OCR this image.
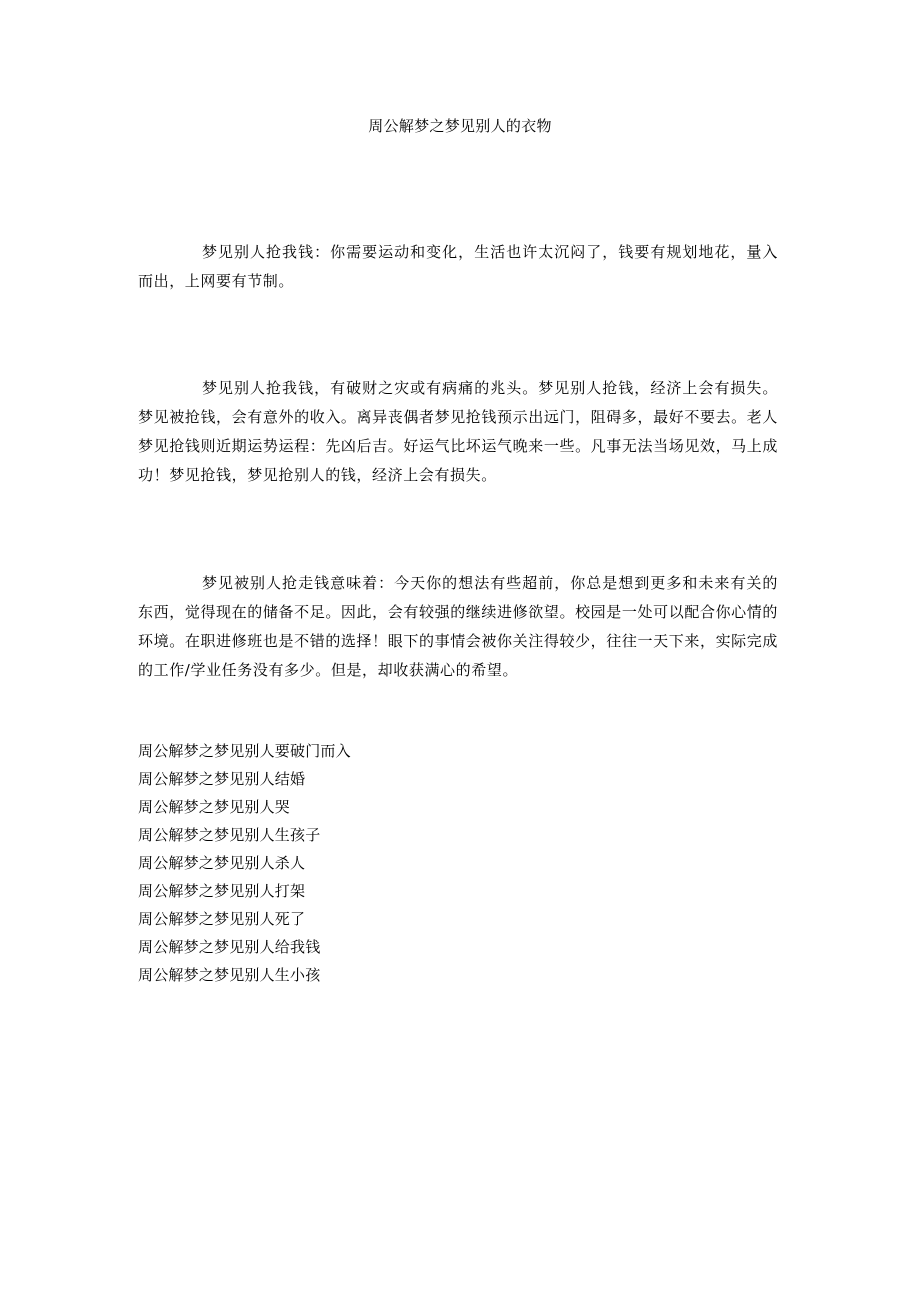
周公解梦之梦见别人的衣物

梦见别人抢我钱：你需要运动和变化，生活也许太沉闷了，钱要有规划地花，量入而出，上网要有节制。

梦见别人抢我钱，有破财之灾或有病痛的兆头。梦见别人抢钱，经济上会有损失。梦见被抢钱，会有意外的收入。离异丧偶者梦见抢钱预示出远门，阻碍多，最好不要去。老人梦见抢钱则近期运势运程：先凶后吉。好运气比坏运气晚来一些。凡事无法当场见效，马上成功！梦见抢钱，梦见抢别人的钱，经济上会有损失。

梦见被别人抢走钱意味着：今天你的想法有些超前，你总是想到更多和未来有关的东西，觉得现在的储备不足。因此，会有较强的继续进修欲望。校园是一处可以配合你心情的环境。在职进修班也是不错的选择！眼下的事情会被你关注得较少，往往一天下来，实际完成的工作/学业任务没有多少。但是，却收获满心的希望。

周公解梦之梦见别人要破门而入
周公解梦之梦见别人结婚
周公解梦之梦见别人哭
周公解梦之梦见别人生孩子
周公解梦之梦见别人杀人
周公解梦之梦见别人打架
周公解梦之梦见别人死了
周公解梦之梦见别人给我钱
周公解梦之梦见别人生小孩
